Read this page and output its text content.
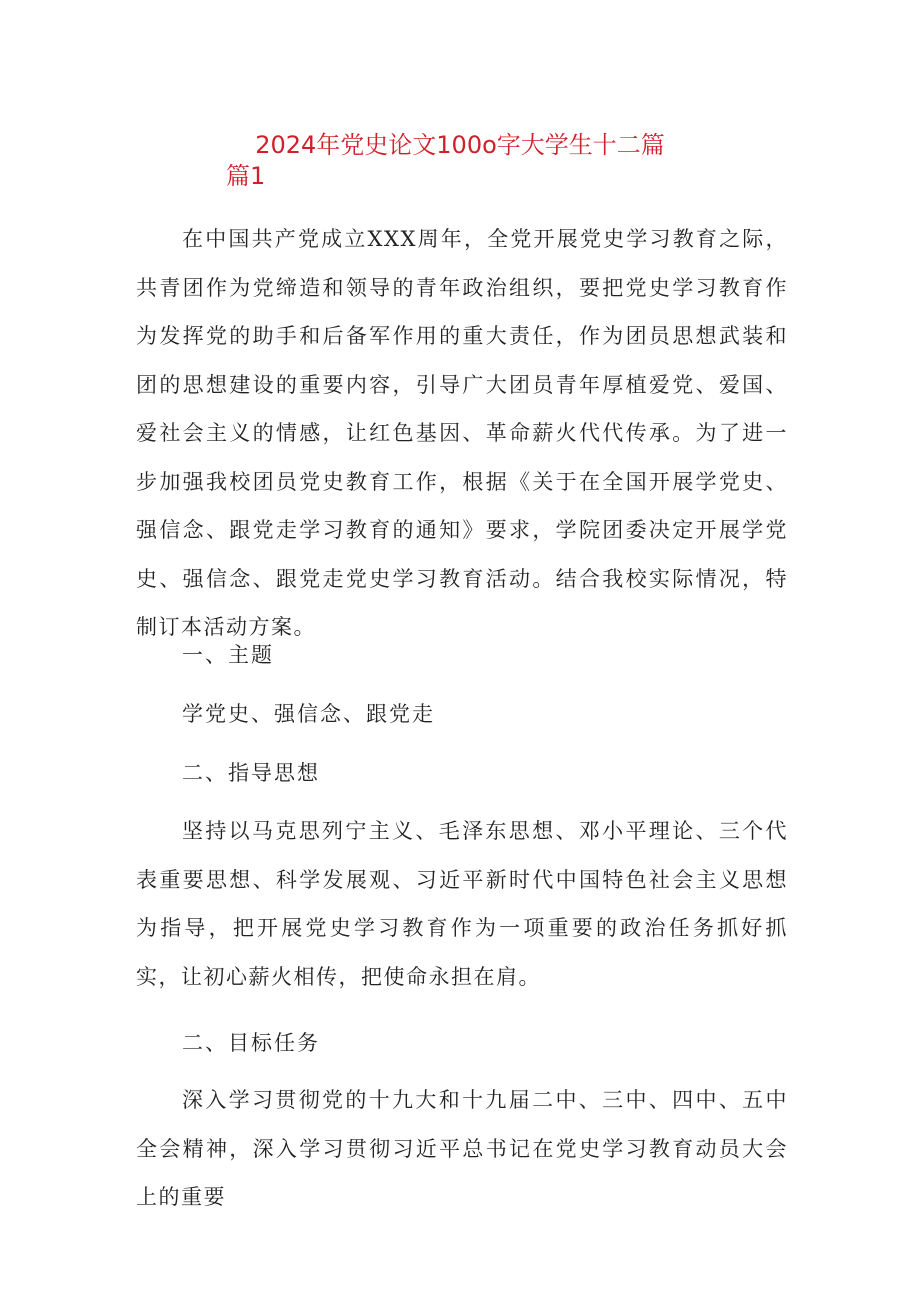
2024年党史论文100o字大学生十二篇
篇1

在中国共产党成立XXX周年，全党开展党史学习教育之际，共青团作为党缔造和领导的青年政治组织，要把党史学习教育作为发挥党的助手和后备军作用的重大责任，作为团员思想武装和团的思想建设的重要内容，引导广大团员青年厚植爱党、爱国、爱社会主义的情感，让红色基因、革命薪火代代传承。为了进一步加强我校团员党史教育工作，根据《关于在全国开展学党史、强信念、跟党走学习教育的通知》要求，学院团委决定开展学党史、强信念、跟党走党史学习教育活动。结合我校实际情况，特制订本活动方案。

一、主题

学党史、强信念、跟党走

二、指导思想

坚持以马克思列宁主义、毛泽东思想、邓小平理论、三个代表重要思想、科学发展观、习近平新时代中国特色社会主义思想为指导，把开展党史学习教育作为一项重要的政治任务抓好抓实，让初心薪火相传，把使命永担在肩。

二、目标任务

深入学习贯彻党的十九大和十九届二中、三中、四中、五中全会精神，深入学习贯彻习近平总书记在党史学习教育动员大会上的重要
